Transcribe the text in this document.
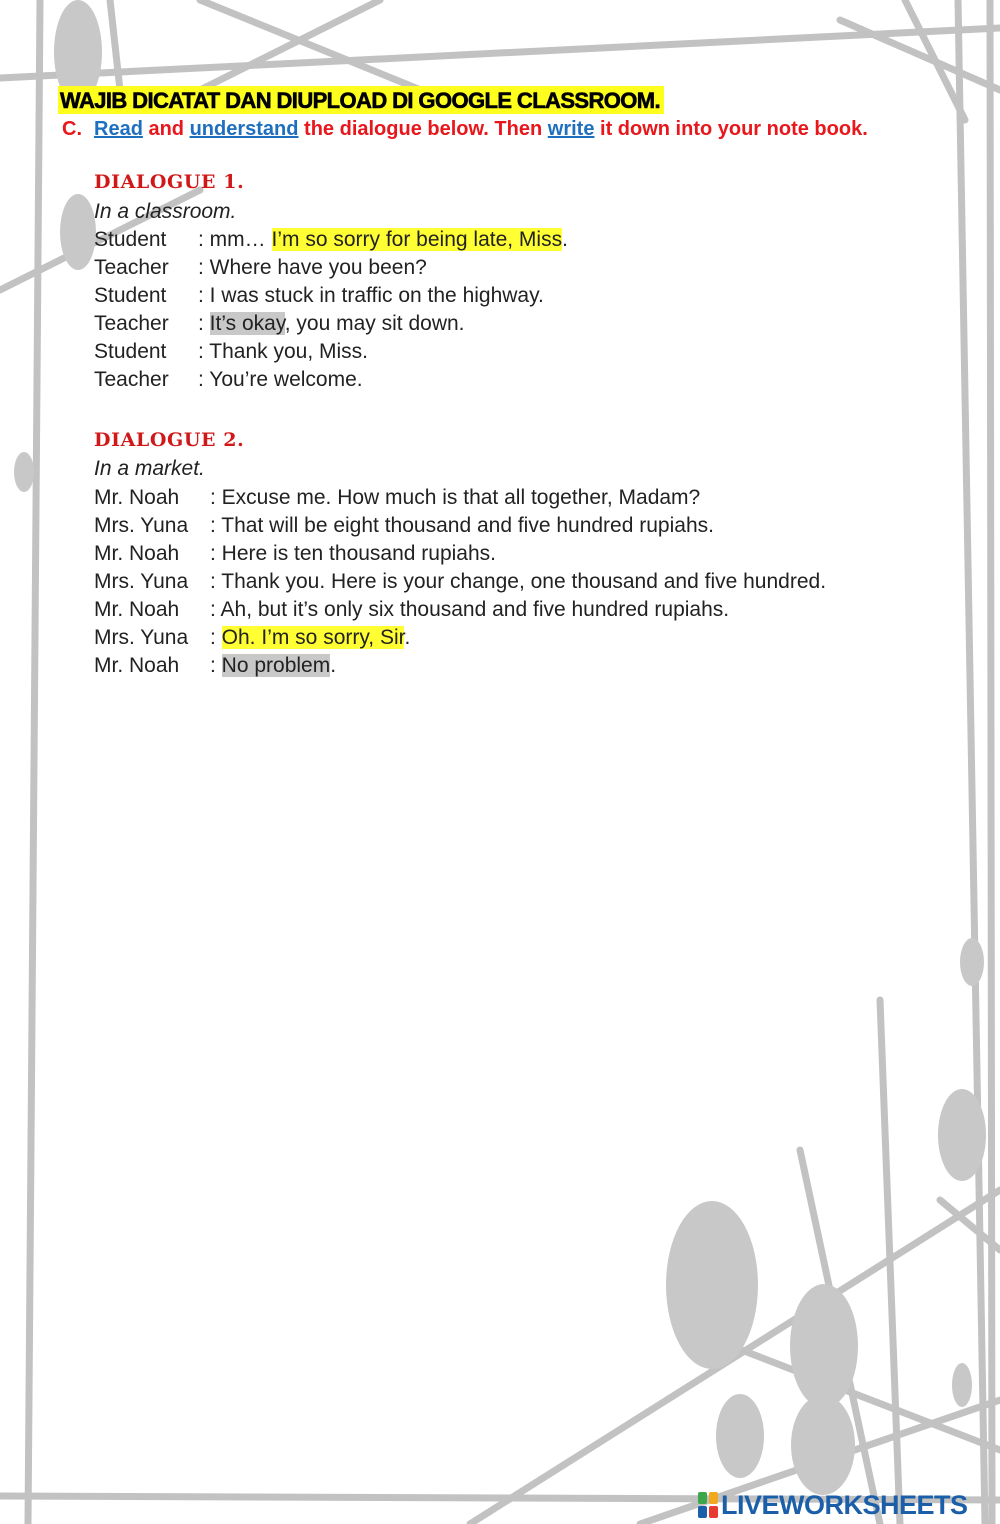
WAJIB DICATAT DAN DIUPLOAD DI GOOGLE CLASSROOM.
C. Read and understand the dialogue below. Then write it down into your note book.
DIALOGUE 1.
In a classroom.
Student : mm… I’m so sorry for being late, Miss.
Teacher : Where have you been?
Student : I was stuck in traffic on the highway.
Teacher : It’s okay, you may sit down.
Student : Thank you, Miss.
Teacher : You’re welcome.
DIALOGUE 2.
In a market.
Mr. Noah : Excuse me. How much is that all together, Madam?
Mrs. Yuna : That will be eight thousand and five hundred rupiahs.
Mr. Noah : Here is ten thousand rupiahs.
Mrs. Yuna : Thank you. Here is your change, one thousand and five hundred.
Mr. Noah : Ah, but it’s only six thousand and five hundred rupiahs.
Mrs. Yuna : Oh. I’m so sorry, Sir.
Mr. Noah : No problem.
LIVEWORKSHEETS
